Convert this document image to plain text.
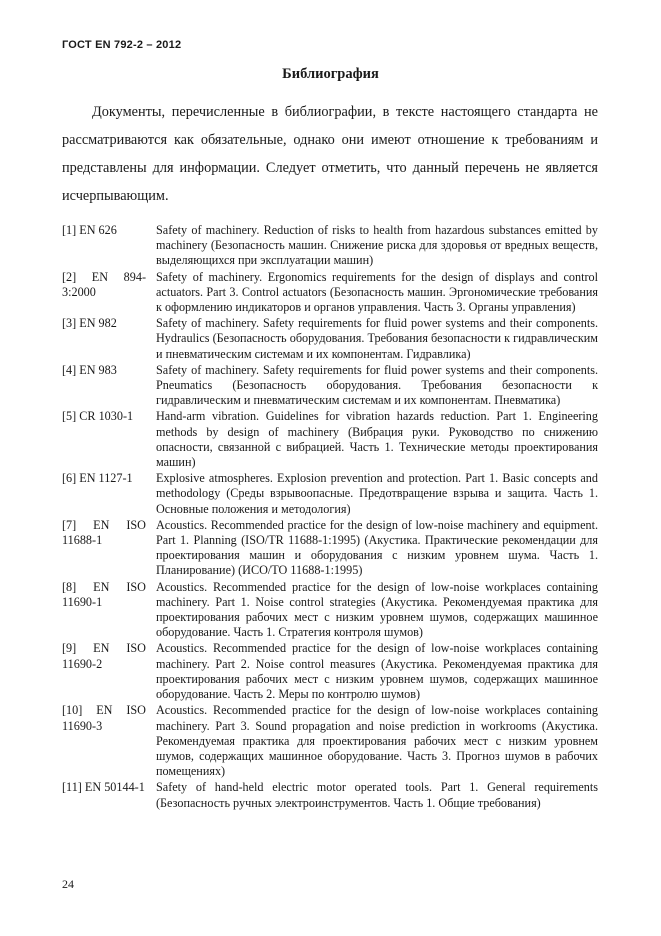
ГОСТ EN 792-2 – 2012
Библиография

Документы, перечисленные в библиографии, в тексте настоящего стандарта не рассматриваются как обязательные, однако они имеют отношение к требованиям и представлены для информации. Следует отметить, что данный перечень не является исчерпывающим.

[1] EN 626	Safety of machinery. Reduction of risks to health from hazardous substances emitted by machinery (Безопасность машин. Снижение риска для здоровья от вредных веществ, выделяющихся при эксплуатации машин)
[2] EN 894-3:2000
Safety of machinery. Ergonomics requirements for the design of displays and control actuators. Part 3. Control actuators (Безопасность машин. Эргономические требования к оформлению индикаторов и органов управления. Часть 3. Органы управления)
[3] EN 982	Safety of machinery. Safety requirements for fluid power systems and their components. Hydraulics (Безопасность оборудования. Требования безопасности к гидравлическим и пневматическим системам и их компонентам. Гидравлика)
[4] EN 983	Safety of machinery. Safety requirements for fluid power systems and their components. Pneumatics (Безопасность оборудования. Требования безопасности к гидравлическим и пневматическим системам и их компонентам. Пневматика)
[5] CR 1030-1	Hand-arm vibration. Guidelines for vibration hazards reduction. Part 1. Engineering methods by design of machinery (Вибрация руки. Руководство по снижению опасности, связанной с вибрацией. Часть 1. Технические методы проектирования машин)
[6] EN 1127-1	Explosive atmospheres. Explosion prevention and protection. Part 1. Basic concepts and methodology (Среды взрывоопасные. Предотвращение взрыва и защита. Часть 1. Основные положения и методология)
[7] EN ISO 11688-1
Acoustics. Recommended practice for the design of low-noise machinery and equipment. Part 1. Planning (ISO/TR 11688-1:1995) (Акустика. Практические рекомендации для проектирования машин и оборудования с низким уровнем шума. Часть 1. Планирование) (ИСО/ТО 11688-1:1995)
[8] EN ISO 11690-1
Acoustics. Recommended practice for the design of low-noise workplaces containing machinery. Part 1. Noise control strategies (Акустика. Рекомендуемая практика для проектирования рабочих мест с низким уровнем шумов, содержащих машинное оборудование. Часть 1. Стратегия контроля шумов)
[9] EN ISO 11690-2
Acoustics. Recommended practice for the design of low-noise workplaces containing machinery. Part 2. Noise control measures (Акустика. Рекомендуемая практика для проектирования рабочих мест с низким уровнем шумов, содержащих машинное оборудование. Часть 2. Меры по контролю шумов)
[10] EN ISO 11690-3
Acoustics. Recommended practice for the design of low-noise workplaces containing machinery. Part 3. Sound propagation and noise prediction in workrooms (Акустика. Рекомендуемая практика для проектирования рабочих мест с низким уровнем шумов, содержащих машинное оборудование. Часть 3. Прогноз шумов в рабочих помещениях)
[11] EN 50144-1 Safety of hand-held electric motor operated tools. Part 1. General requirements (Безопасность ручных электроинструментов. Часть 1. Общие требования)
24
